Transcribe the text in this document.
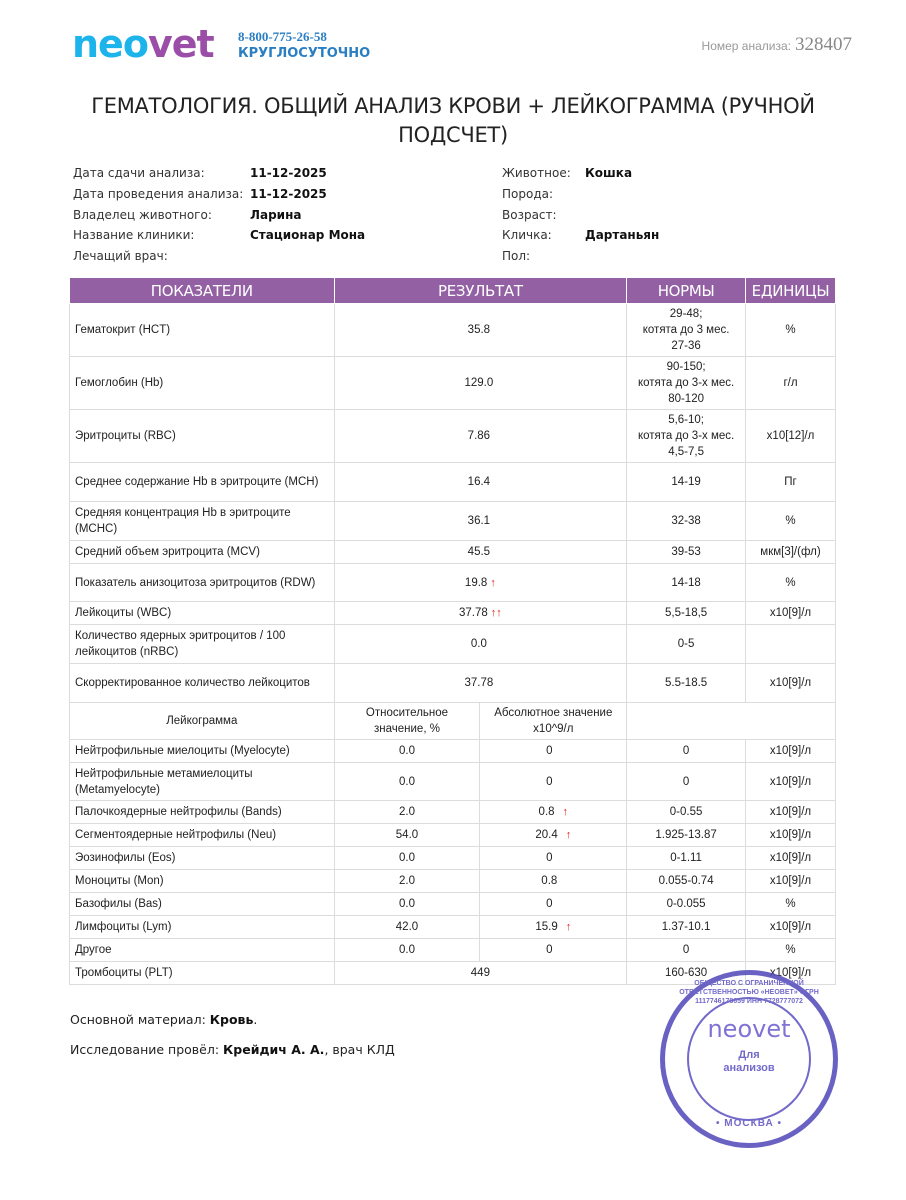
neovet 8-800-775-26-58
КРУГЛОСУТОЧНО	Номер анализа: 328407
ГЕМАТОЛОГИЯ. ОБЩИЙ АНАЛИЗ КРОВИ + ЛЕЙКОГРАММА (РУЧНОЙ ПОДСЧЕТ)
Дата сдачи анализа:	11-12-2025
Дата проведения анализа: 11-12-2025
Владелец животного:	Ларина
Название клиники:	Стационар Мона
Лечащий врач:
Животное:	Кошка
Порода:
Возраст:
Кличка:	Дартаньян
Пол:
ПОКАЗАТЕЛИ	РЕЗУЛЬТАТ		НОРМЫ	ЕДИНИЦЫ
Гематокрит (HCT)	35.8		29-48;
котята до 3 мес.
27-36	%
Гемоглобин (Hb)	129.0		90-150;
котята до 3-х мес.
80-120	г/л
Эритроциты (RBC)	7.86		5,6-10;
котята до 3-х мес.
4,5-7,5	x10[12]/л
Среднее содержание Hb в эритроците (MCH)	16.4		14-19	Пг
Средняя концентрация Hb в эритроците (MCHC)	36.1		32-38	%
Средний объем эритроцита (MCV)	45.5		39-53	мкм[3]/(фл)
Показатель анизоцитоза эритроцитов (RDW)	19.8 ↑		14-18	%
Лейкоциты (WBC)	37.78 ↑↑		5,5-18,5	x10[9]/л
Количество ядерных эритроцитов / 100 лейкоцитов (nRBC)	0.0		0-5	
Скорректированное количество лейкоцитов	37.78		5.5-18.5	x10[9]/л
Лейкограмма	Относительное значение, %	Абсолютное значение x10^9/л		
Нейтрофильные миелоциты (Myelocyte)	0.0	0	0	x10[9]/л
Нейтрофильные метамиелоциты (Metamyelocyte)	0.0	0	0	x10[9]/л
Палочкоядерные нейтрофилы (Bands)	2.0	0.8 ↑	0-0.55	x10[9]/л
Сегментоядерные нейтрофилы (Neu)	54.0	20.4 ↑	1.925-13.87	x10[9]/л
Эозинофилы (Eos)	0.0	0	0-1.11	x10[9]/л
Моноциты (Mon)	2.0	0.8	0.055-0.74	x10[9]/л
Базофилы (Bas)	0.0	0	0-0.055	%
Лимфоциты (Lym)	42.0	15.9 ↑	1.37-10.1	x10[9]/л
Другое	0.0	0	0	%
Тромбоциты (PLT)	449		160-630	x10[9]/л
Основной материал: Кровь.
Исследование провёл: Крейдич А. А., врач КЛД
ОБЩЕСТВО С ОГРАНИЧЕННОЙ ОТВЕТСТВЕННОСТЬЮ «НЕОВЕТ» ОГРН 1117746178659 ИНН 7728777072
neovet
Для
анализов
• МОСКВА •
